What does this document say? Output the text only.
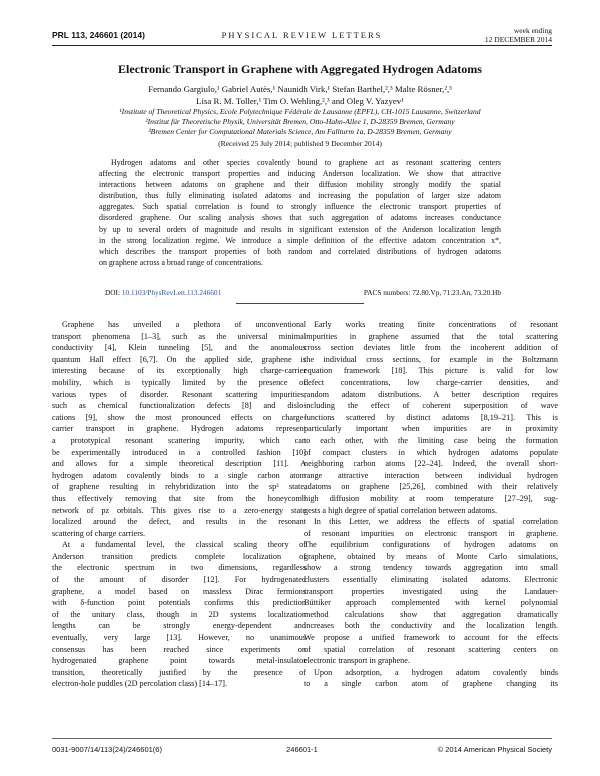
PRL 113, 246601 (2014)	PHYSICAL REVIEW LETTERS	week ending
12 DECEMBER 2014
Electronic Transport in Graphene with Aggregated Hydrogen Adatoms
Fernando Gargiulo,¹ Gabriel Autès,¹ Naunidh Virk,¹ Stefan Barthel,²,³ Malte Rösner,²,³
Lisa R. M. Toller,¹ Tim O. Wehling,²,³ and Oleg V. Yazyev¹
¹Institute of Theoretical Physics, Ecole Polytechnique Fédérale de Lausanne (EPFL), CH-1015 Lausanne, Switzerland
²Institut für Theoretische Physik, Universität Bremen, Otto-Hahn-Allee 1, D-28359 Bremen, Germany
³Bremen Center for Computational Materials Science, Am Fallturm 1a, D-28359 Bremen, Germany
(Received 25 July 2014; published 9 December 2014)
Hydrogen adatoms and other species covalently bound to graphene act as resonant scattering centers
affecting the electronic transport properties and inducing Anderson localization. We show that attractive
interactions between adatoms on graphene and their diffusion mobility strongly modify the spatial
distribution, thus fully eliminating isolated adatoms and increasing the population of larger size adatom
aggregates. Such spatial correlation is found to strongly influence the electronic transport properties of
disordered graphene. Our scaling analysis shows that such aggregation of adatoms increases conductance
by up to several orders of magnitude and results in significant extension of the Anderson localization length
in the strong localization regime. We introduce a simple definition of the effective adatom concentration x*,
which describes the transport properties of both random and correlated distributions of hydrogen adatoms
on graphene across a broad range of concentrations.
DOI: 10.1103/PhysRevLett.113.246601	PACS numbers: 72.80.Vp, 71.23.An, 73.20.Hb
Graphene has unveiled a plethora of unconventional
transport phenomena [1–3], such as the universal minimal
conductivity [4], Klein tunneling [5], and the anomalous
quantum Hall effect [6,7]. On the applied side, graphene is
interesting because of its exceptionally high charge-carrier
mobility, which is typically limited by the presence of
various types of disorder. Resonant scattering impurities,
such as chemical functionalization defects [8] and dislo-
cations [9], show the most pronounced effects on charge-
carrier transport in graphene. Hydrogen adatoms represent
a prototypical resonant scattering impurity, which can
be experimentally introduced in a controlled fashion [10]
and allows for a simple theoretical description [11]. A
hydrogen adatom covalently binds to a single carbon atom
of graphene resulting in rehybridization into the sp³ state,
thus effectively removing that site from the honeycomb
network of pz orbitals. This gives rise to a zero-energy state
localized around the defect, and results in the resonant
scattering of charge carriers.
At a fundamental level, the classical scaling theory of
Anderson transition predicts complete localization of
the electronic spectrum in two dimensions, regardless
of the amount of disorder [12]. For hydrogenated
graphene, a model based on massless Dirac fermions
with δ-function point potentials confirms this prediction
of the unitary class, though in 2D systems localization
lengths can be strongly energy-dependent and
eventually, very large [13]. However, no unanimous
consensus has been reached since experiments on
hydrogenated graphene point towards metal-insulator
transition, theoretically justified by the presence of
electron-hole puddles (2D percolation class) [14–17].
Early works treating finite concentrations of resonant
impurities in graphene assumed that the total scattering
cross section deviates little from the incoherent addition of
the individual cross sections, for example in the Boltzmann
equation framework [18]. This picture is valid for low
defect concentrations, low charge-carrier densities, and
random adatom distributions. A better description requires
including the effect of coherent superposition of wave
functions scattered by distinct adatoms [8,19–21]. This is
particularly important when impurities are in proximity
to each other, with the limiting case being the formation
of compact clusters in which hydrogen adatoms populate
neighboring carbon atoms [22–24]. Indeed, the overall short-
range attractive interaction between individual hydrogen
adatoms on graphene [25,26], combined with their relatively
high diffusion mobility at room temperature [27–29], sug-
gests a high degree of spatial correlation between adatoms.
In this Letter, we address the effects of spatial correlation
of resonant impurities on electronic transport in graphene.
The equilibrium configurations of hydrogen adatoms on
graphene, obtained by means of Monte Carlo simulations,
show a strong tendency towards aggregation into small
clusters essentially eliminating isolated adatoms. Electronic
transport properties investigated using the Landauer-
Büttiker approach complemented with kernel polynomial
method calculations show that aggregation dramatically
increases both the conductivity and the localization length.
We propose a unified framework to account for the effects
of spatial correlation of resonant scattering centers on
electronic transport in graphene.
Upon adsorption, a hydrogen adatom covalently binds
to a single carbon atom of graphene changing its
0031-9007/14/113(24)/246601(6)	246601-1	© 2014 American Physical Society
